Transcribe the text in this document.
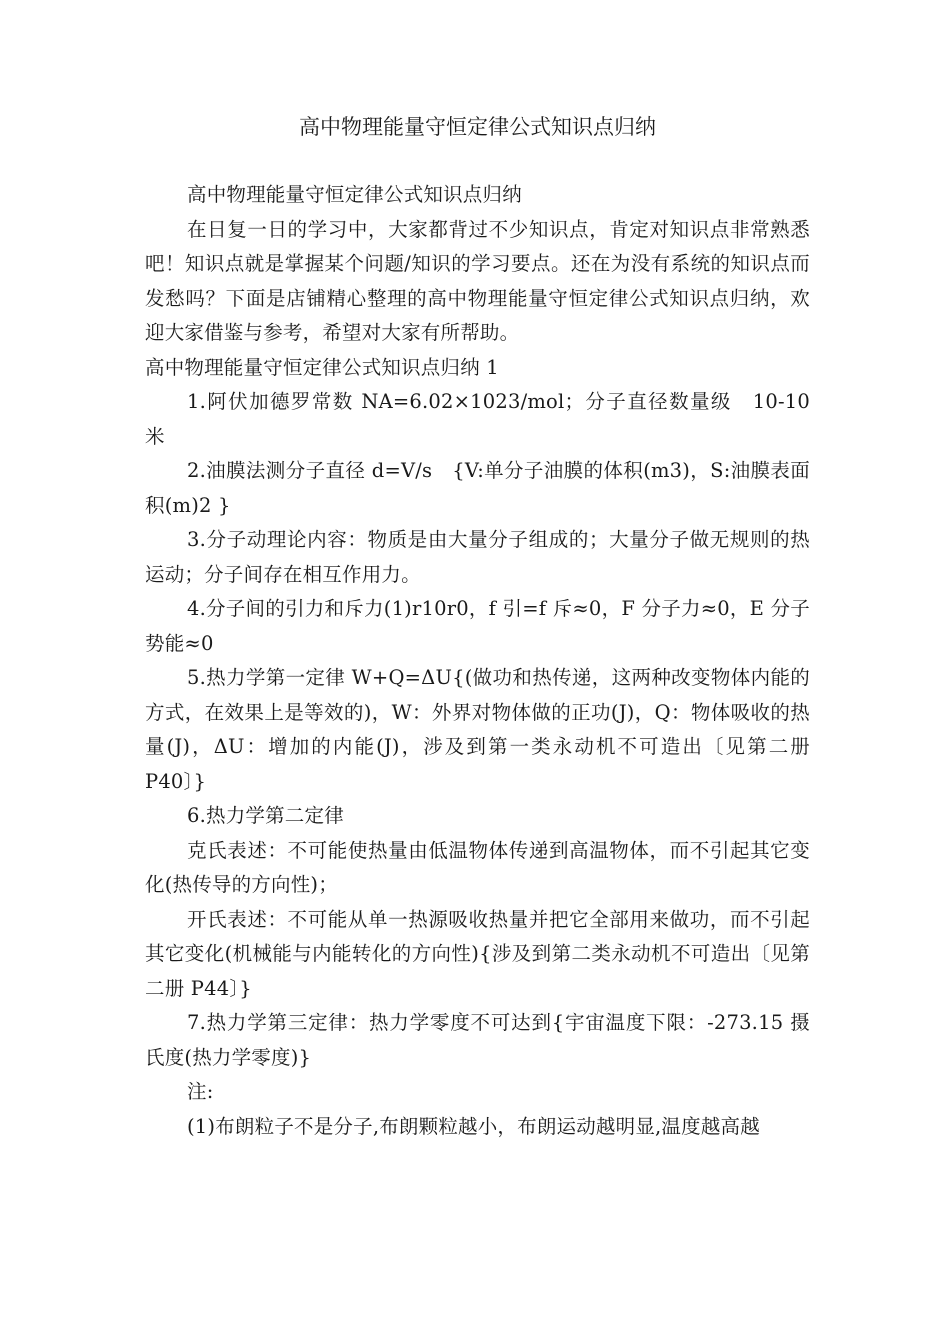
高中物理能量守恒定律公式知识点归纳

高中物理能量守恒定律公式知识点归纳

在日复一日的学习中，大家都背过不少知识点，肯定对知识点非常熟悉吧！知识点就是掌握某个问题/知识的学习要点。还在为没有系统的知识点而发愁吗？下面是店铺精心整理的高中物理能量守恒定律公式知识点归纳，欢迎大家借鉴与参考，希望对大家有所帮助。

高中物理能量守恒定律公式知识点归纳 1

1.阿伏加德罗常数 NA=6.02×1023/mol；分子直径数量级　10-10 米

2.油膜法测分子直径 d=V/s　{V:单分子油膜的体积(m3)，S:油膜表面积(m)2 }

3.分子动理论内容：物质是由大量分子组成的；大量分子做无规则的热运动；分子间存在相互作用力。

4.分子间的引力和斥力(1)r10r0，f 引=f 斥≈0，F 分子力≈0，E 分子势能≈0

5.热力学第一定律 W+Q=ΔU{(做功和热传递，这两种改变物体内能的方式，在效果上是等效的)，W：外界对物体做的正功(J)，Q：物体吸收的热量(J)，ΔU：增加的内能(J)，涉及到第一类永动机不可造出〔见第二册 P40〕}

6.热力学第二定律

克氏表述：不可能使热量由低温物体传递到高温物体，而不引起其它变化(热传导的方向性)；

开氏表述：不可能从单一热源吸收热量并把它全部用来做功，而不引起其它变化(机械能与内能转化的方向性){涉及到第二类永动机不可造出〔见第二册 P44〕}

7.热力学第三定律：热力学零度不可达到{宇宙温度下限：-273.15 摄氏度(热力学零度)}

注:

(1)布朗粒子不是分子,布朗颗粒越小，布朗运动越明显,温度越高越
